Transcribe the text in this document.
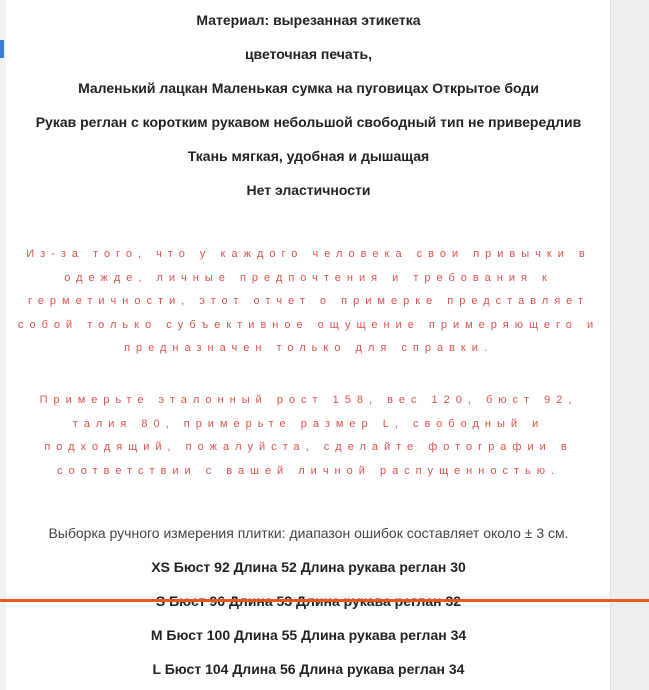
Материал: вырезанная этикетка
цветочная печать,
Маленький лацкан Маленькая сумка на пуговицах Открытое боди
Рукав реглан с коротким рукавом небольшой свободный тип не привередлив
Ткань мягкая, удобная и дышащая
Нет эластичности
Из-за того, что у каждого человека свои привычки в одежде, личные предпочтения и требования к герметичности, этот отчет о примерке представляет собой только субъективное ощущение примеряющего и предназначен только для справки.
Примерьте эталонный рост 158, вес 120, бюст 92, талия 80, примерьте размер L, свободный и подходящий, пожалуйста, сделайте фотографии в соответствии с вашей личной распущенностью.
Выборка ручного измерения плитки: диапазон ошибок составляет около ± 3 см.
XS Бюст 92 Длина 52 Длина рукава реглан 30
M Бюст 100 Длина 55 Длина рукава реглан 34
L Бюст 104 Длина 56 Длина рукава реглан 34
